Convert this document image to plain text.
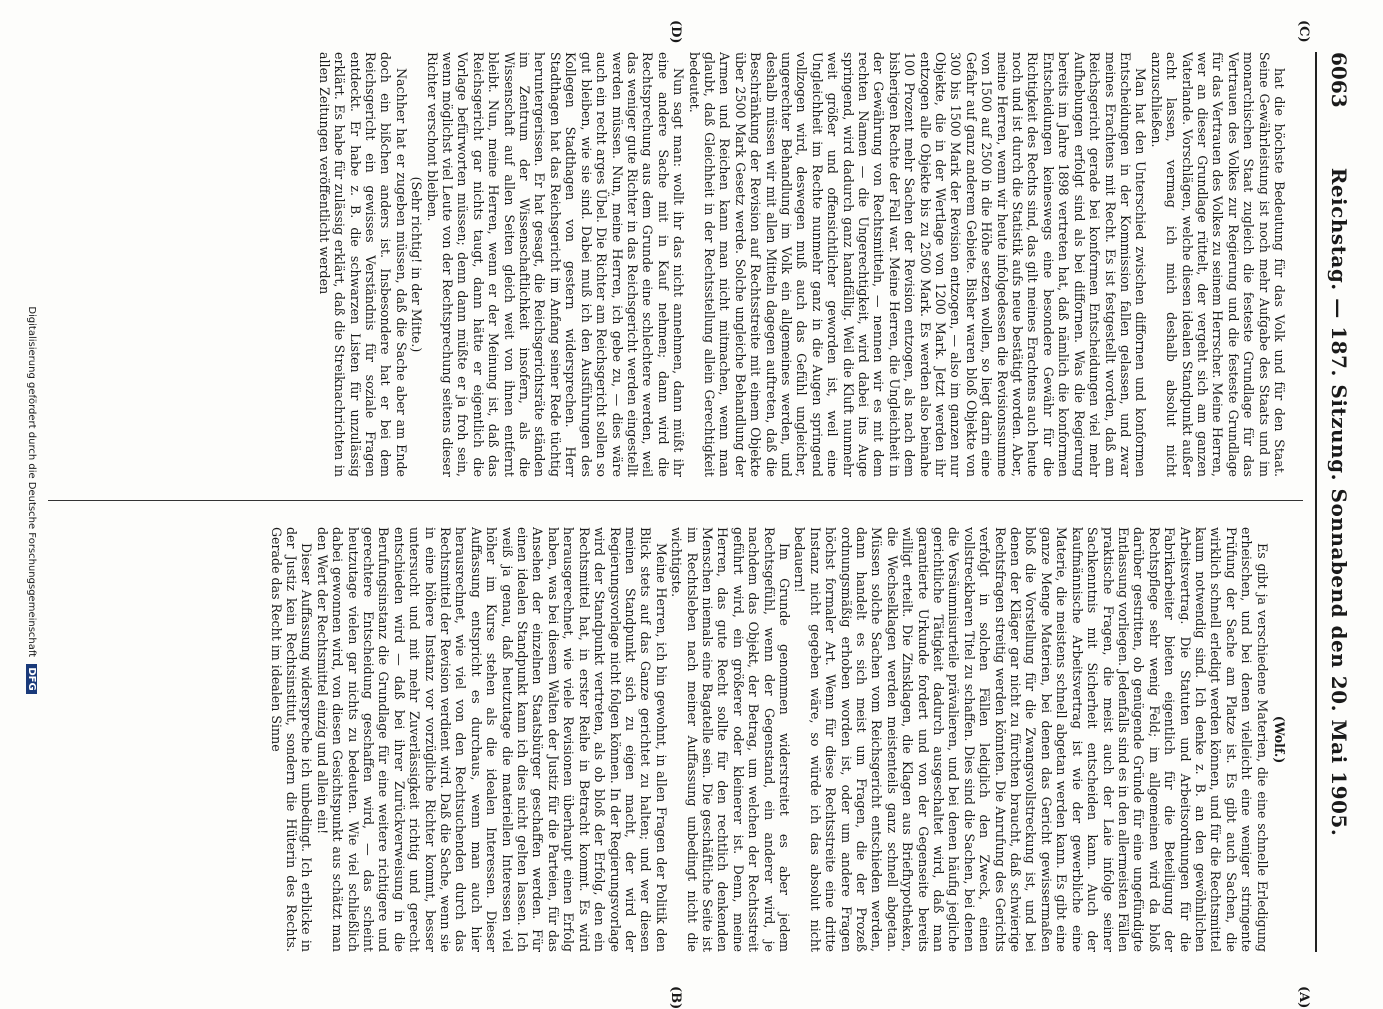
Reichstag. — 187. Sitzung. Sonnabend den 20. Mai 1905.
6063
(A)
(B)
(C)
(D)

hat die höchste Bedeutung für das Volk und für den Staat. Seine Gewährleistung ist noch mehr Aufgabe des Staats und im monarchischen Staat zugleich die festeste Grundlage für das Vertrauen des Volkes zur Regierung und die festeste Grundlage für das Vertrauen des Volkes zu seinem Herrscher. Meine Herren, wer an dieser Grundlage rüttelt, der vergeht sich am ganzen Vaterlande. Vorschlägen, welche diesen idealen Standpunkt außer acht lassen, vermag ich mich deshalb absolut nicht anzuschließen.

Man hat den Unterschied zwischen diffornen und konformen Entscheidungen in der Kommission fallen gelassen, und zwar meines Erachtens mit Recht. Es ist festgestellt worden, daß am Reichsgericht gerade bei konformen Entscheidungen viel mehr Aufhebungen erfolgt sind als bei diffornen. Was die Regierung bereits im Jahre 1898 vertreten hat, daß nämlich die konformen Entscheidungen keineswegs eine besondere Gewähr für die Richtigkeit des Rechts sind, das gilt meines Erachtens auch heute noch und ist durch die Statistik aufs neue bestätigt worden. Aber, meine Herren, wenn wir heute infolgedessen die Revisionssumme von 1500 auf 2500 in die Höhe setzen wollen, so liegt darin eine Gefahr auf ganz anderem Gebiete. Bisher waren bloß Objekte von 300 bis 1500 Mark der Revision entzogen, — also im ganzen nur Objekte, die in der Wertlage von 1200 Mark. Jetzt werden ihr entzogen alle Objekte bis zu 2500 Mark. Es werden also beinahe 100 Prozent mehr Sachen der Revision entzogen, als nach dem bisherigen Rechte der Fall war. Meine Herren, die Ungleichheit in der Gewährung von Rechtsmitteln, — nennen wir es mit dem rechten Namen — die Ungerechtigkeit, wird dabei ins Auge springend, wird dadurch ganz handfällig. Weil die Kluft nunmehr weit größer und offensichtlicher geworden ist, weil eine Ungleichheit im Rechte nunmehr ganz in die Augen springend vollzogen wird, deswegen muß auch das Gefühl ungleicher, ungerechter Behandlung im Volk ein allgemeines werden, und deshalb müssen wir mit allen Mitteln dagegen auftreten, daß die Beschränkung der Revision auf Rechtsstreite mit einem Objekte über 2500 Mark Gesetz werde. Solche ungleiche Behandlung der Armen und Reichen kann man nicht mitmachen, wenn man glaubt, daß Gleichheit in der Rechtsstellung allein Gerechtigkeit bedeutet.

Nun sagt man: wollt ihr das nicht annehmen, dann müßt ihr eine andere Sache mit in Kauf nehmen; dann wird die Rechtsprechung aus dem Grunde eine schlechtere werden, weil das weniger gute Richter in das Reichsgericht werden eingestellt werden müssen. Nun, meine Herren, ich gebe zu, — dies wäre auch ein recht arges Übel. Die Richter am Reichsgericht sollen so gut bleiben, wie sie sind. Dabei muß ich den Ausführungen des Kollegen Stadthagen von gestern widersprechen. Herr Stadthagen hat das Reichsgericht im Anfang seiner Rede tüchtig heruntergerissen. Er hat gesagt, die Reichsgerichtsräte ständen im Zentrum der Wissenschaftlichkeit insofern, als die Wissenschaft auf allen Seiten gleich weit von ihnen entfernt bleibt. Nun, meine Herren, wenn er der Meinung ist, daß das Reichsgericht gar nichts taugt, dann hätte er eigentlich die Vorlage befürworten müssen; denn dann müßte er ja froh sein, wenn möglichst viel Leute von der Rechtsprechung seitens dieser Richter verschont bleiben.

(Sehr richtig! in der Mitte.)

Nachher hat er zugeben müssen, daß die Sache aber am Ende doch ein bißchen anders ist. Insbesondere hat er bei dem Reichsgericht ein gewisses Verständnis für soziale Fragen entdeckt. Er habe z. B. die schwarzen Listen für unzulässig erklärt. Es habe für zulässig erklärt, daß die Streiknachrichten in allen Zeitungen veröffentlicht werden

(Wolf.)

Es gibt ja verschiedene Materien, die eine schnelle Erledigung erheischen, und bei denen vielleicht eine weniger stringente Prüfung der Sache am Platze ist. Es gibt auch Sachen, die wirklich schnell erledigt werden können, und für die Rechtsmittel kaum notwendig sind. Ich denke z. B. an den gewöhnlichen Arbeitsvertrag. Die Statuten und Arbeitsordnungen für die Fabrikarbeiter bieten eigentlich für die Beteiligung der Rechtspflege sehr wenig Feld; im allgemeinen wird da bloß darüber gestritten, ob genügende Gründe für eine ungefündigte Entlassung vorliegen. Jedenfalls sind es in den allermeisten Fällen praktische Fragen, die meist auch der Laie infolge seiner Sachkenntnis mit Sicherheit entscheiden kann. Auch der kaufmännische Arbeitsvertrag ist wie der gewerbliche eine Materie, die meistens schnell abgetan werden kann. Es gibt eine ganze Menge Materien, bei denen das Gericht gewissermaßen bloß die Vorstellung für die Zwangsvollstreckung ist, und bei denen der Kläger gar nicht zu fürchten braucht, daß schwierige Rechtsfragen streitig werden könnten. Die Anrufung des Gerichts verfolgt in solchen Fällen lediglich den Zweck, einen vollstreckbaren Titel zu schaffen. Dies sind die Sachen, bei denen die Versäumnisurteile prävalieren, und bei denen häufig jegliche gerichtliche Tätigkeit dadurch ausgeschaltet wird, daß man garantierte Urkunde fordert und von der Gegenseite bereits willigt erteilt. Die Zinsklagen, die Klagen aus Briefhypotheken, die Wechselklagen werden meistenteils ganz schnell abgetan. Müssen solche Sachen vom Reichsgericht entschieden werden, dann handelt es sich meist um Fragen, die der Prozeß ordnungsmäßig erhoben worden ist, oder um andere Fragen höchst formaler Art. Wenn für diese Rechtsstreite eine dritte Instanz nicht gegeben wäre, so würde ich das absolut nicht bedauern!

Im Grunde genommen widerstreitet es aber jedem Rechtsgefühl, wenn der Gegenstand, ein anderer wird, je nachdem das Objekt, der Betrag, um welchen der Rechtsstreit geführt wird, ein größerer oder kleinerer ist. Denn, meine Herren, das gute Recht sollte für den rechtlich denkenden Menschen niemals eine Bagatelle sein. Die geschäftliche Seite ist im Rechtsleben nach meiner Auffassung unbedingt nicht die wichtigste.

Meine Herren, ich bin gewohnt, in allen Fragen der Politik den Blick stets auf das Ganze gerichtet zu halten; und wer diesen meinen Standpunkt sich zu eigen macht, der wird der Regierungsvorlage nicht folgen können. In der Regierungsvorlage wird der Standpunkt vertreten, als ob bloß der Erfolg, den ein Rechtsmittel hat, in erster Reihe in Betracht kommt. Es wird herausgerechnet, wie viele Revisionen überhaupt einen Erfolg haben, was bei diesem Walten der Justiz für die Parteien, für das Ansehen der einzelnen Staatsbürger geschaffen werden. Für einen idealen Standpunkt kann ich dies nicht gelten lassen. Ich weiß ja genau, daß heutzutage die materiellen Interessen viel höher im Kurse stehen als die idealen Interessen. Dieser Auffassung entspricht es durchaus, wenn man auch hier herausrechnet, wie viel von den Rechtsuchenden durch das Rechtsmittel der Revision verdient wird. Daß die Sache, wenn sie in eine höhere Instanz vor vorzügliche Richter kommt, besser untersucht und mit mehr Zuverlässigkeit richtig und gerecht entschieden wird — daß bei ihrer Zurückverweisung in die Berufungsinstanz die Grundlage für eine weitere richtigere und gerechtere Entscheidung geschaffen wird, — das scheint heutzutage vielen gar nichts zu bedeuten. Wie viel schließlich dabei gewonnen wird, von diesen Gesichtspunkt aus schätzt man den Wert der Rechtsmittel einzig und allein ein!

Dieser Auffassung widerspreche ich unbedingt. Ich erblicke in der Justiz kein Rechtsinstitut, sondern die Hüterin des Rechts. Gerade das Recht im idealen Sinne

Digitalisierung gefördert durch die Deutsche Forschungsgemeinschaft DFG
